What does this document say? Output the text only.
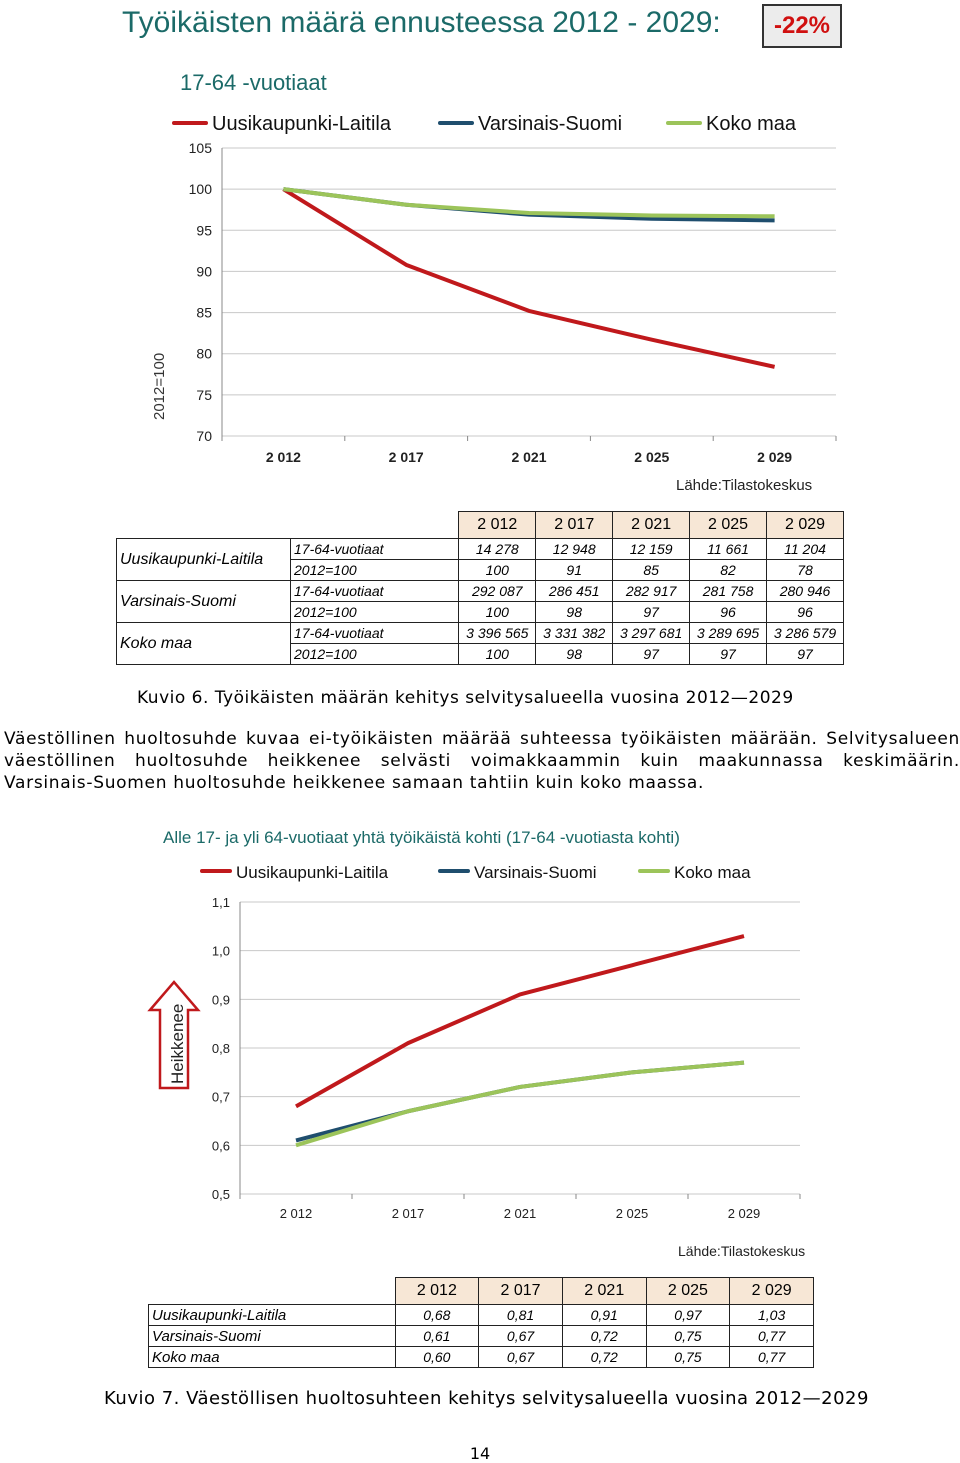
Työikäisten määrä ennusteessa 2012 - 2029:	-22%
17-64 -vuotiaat
Uusikaupunki-Laitila	Varsinais-Suomi	Koko maa
70
75
80
85
90
95
100
105
2 012	2 017	2 021	2 025	2 029
2012=100
Lähde:Tilastokeskus
		2 012	2 017	2 021	2 025	2 029
Uusikaupunki-Laitila	17-64-vuotiaat	14 278	12 948	12 159	11 661	11 204
	2012=100	100	91	85	82	78
Varsinais-Suomi	17-64-vuotiaat	292 087	286 451	282 917	281 758	280 946
	2012=100	100	98	97	96	96
Koko maa	17-64-vuotiaat	3 396 565	3 331 382	3 297 681	3 289 695	3 286 579
	2012=100	100	98	97	97	97
Kuvio 6. Työikäisten määrän kehitys selvitysalueella vuosina 2012—2029
Väestöllinen huoltosuhde kuvaa ei-työikäisten määrää suhteessa työikäisten määrään. Selvitysalueen väestöllinen huoltosuhde heikkenee selvästi voimakkaammin kuin maakunnassa keskimäärin. Varsinais-Suomen huoltosuhde heikkenee samaan tahtiin kuin koko maassa.
Alle 17- ja yli 64-vuotiaat yhtä työikäistä kohti (17-64 -vuotiasta kohti)
Uusikaupunki-Laitila	Varsinais-Suomi	Koko maa
0,5
0,6
0,7
0,8
0,9
1,0
1,1
2 012	2 017	2 021	2 025	2 029
Heikkenee
Lähde:Tilastokeskus
	2 012	2 017	2 021	2 025	2 029
Uusikaupunki-Laitila	0,68	0,81	0,91	0,97	1,03
Varsinais-Suomi	0,61	0,67	0,72	0,75	0,77
Koko maa	0,60	0,67	0,72	0,75	0,77
Kuvio 7. Väestöllisen huoltosuhteen kehitys selvitysalueella vuosina 2012—2029
14
